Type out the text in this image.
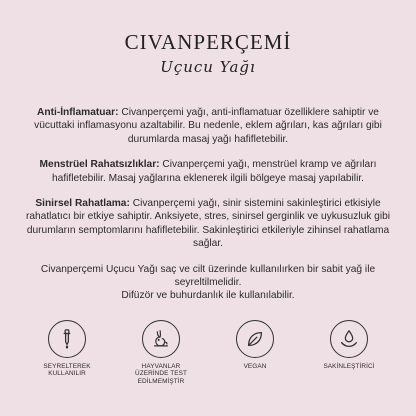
CIVANPERÇEMİ
Uçucu Yağı

Anti-İnflamatuar: Civanperçemi yağı, anti-inflamatuar özelliklere sahiptir ve vücuttaki inflamasyonu azaltabilir. Bu nedenle, eklem ağrıları, kas ağrıları gibi durumlarda masaj yağı hafifletebilir.

Menstrüel Rahatsızlıklar: Civanperçemi yağı, menstrüel kramp ve ağrıları hafifletebilir. Masaj yağlarına eklenerek ilgili bölgeye masaj yapılabilir.

Sinirsel Rahatlama: Civanperçemi yağı, sinir sistemini sakinleştirici etkisiyle rahatlatıcı bir etkiye sahiptir. Anksiyete, stres, sinirsel gerginlik ve uykusuzluk gibi durumların semptomlarını hafifletebilir. Sakinleştirici etkileriyle zihinsel rahatlama sağlar.

Civanperçemi Uçucu Yağı saç ve cilt üzerinde kullanılırken bir sabit yağ ile seyreltilmelidir.
Difüzör ve buhurdanlık ile kullanılabilir.

SEYRELTEREK
KULLANILIR
HAYVANLAR
ÜZERİNDE TEST
EDİLMEMİŞTİR
VEGAN	SAKİNLEŞTİRİCİ
